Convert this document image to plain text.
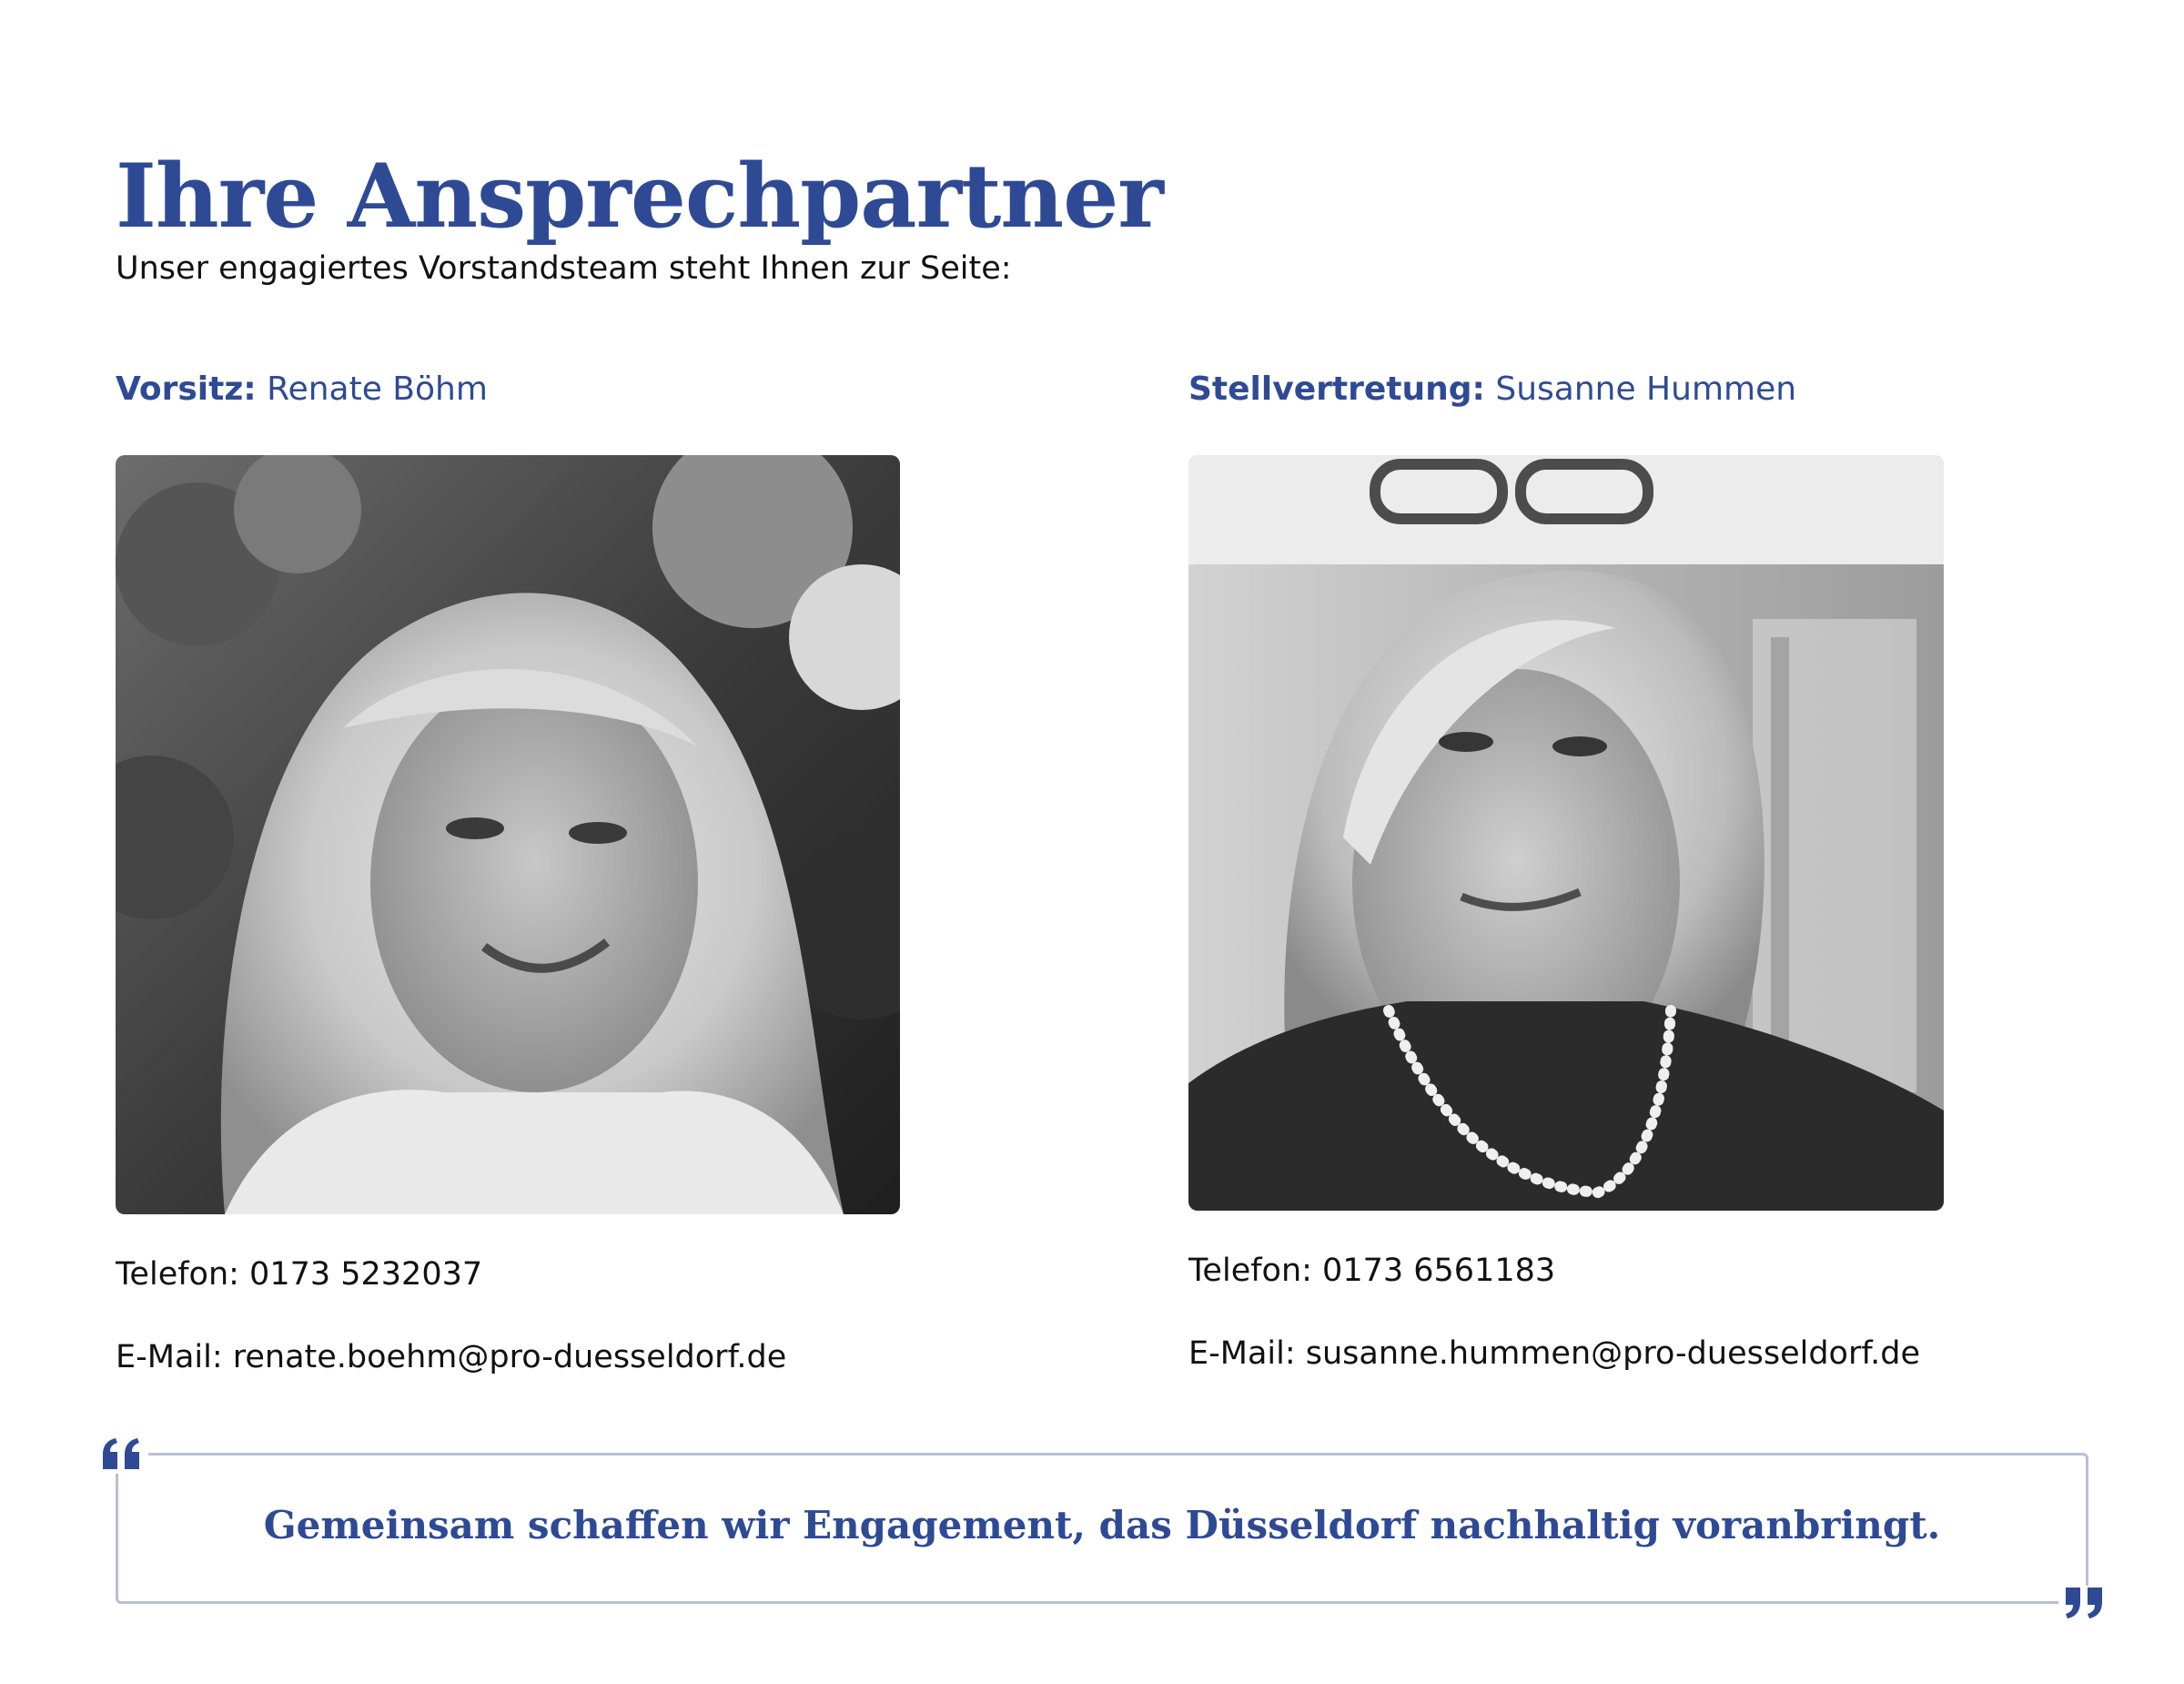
Ihre Ansprechpartner
Unser engagiertes Vorstandsteam steht Ihnen zur Seite:
Vorsitz: Renate Böhm
Telefon: 0173 5232037
E-Mail: renate.boehm@pro-duesseldorf.de
Stellvertretung: Susanne Hummen
Telefon: 0173 6561183
E-Mail: susanne.hummen@pro-duesseldorf.de
Gemeinsam schaffen wir Engagement, das Düsseldorf nachhaltig voranbringt.
